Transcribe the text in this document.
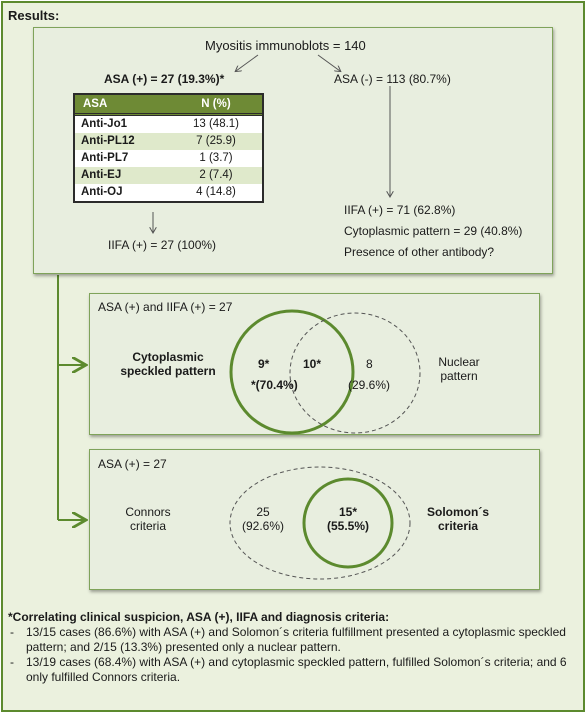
Results:
Myositis immunoblots = 140
ASA (+) = 27 (19.3%)*	ASA (-) = 113 (80.7%)
ASA	N (%)
Anti-Jo1	13 (48.1)
Anti-PL12	7 (25.9)
Anti-PL7	1 (3.7)
Anti-EJ	2 (7.4)
Anti-OJ	4 (14.8)
IIFA (+) = 27 (100%)
IIFA (+) = 71 (62.8%)
Cytoplasmic pattern = 29 (40.8%)
Presence of other antibody?
ASA (+) and IIFA (+) = 27
Cytoplasmic
speckled pattern
Nuclear
pattern
9*	10*	8
*(70.4%)	(29.6%)
ASA (+) = 27
Connors
criteria
Solomon´s
criteria
25
(92.6%)
15*
(55.5%)
*Correlating clinical suspicion, ASA (+), IIFA and diagnosis criteria:
-	13/15 cases (86.6%) with ASA (+) and Solomon´s criteria fulfillment presented a cytoplasmic speckled pattern; and 2/15 (13.3%) presented only a nuclear pattern.
-	13/19 cases (68.4%) with ASA (+) and cytoplasmic speckled pattern, fulfilled Solomon´s criteria; and 6 only fulfilled Connors criteria.
